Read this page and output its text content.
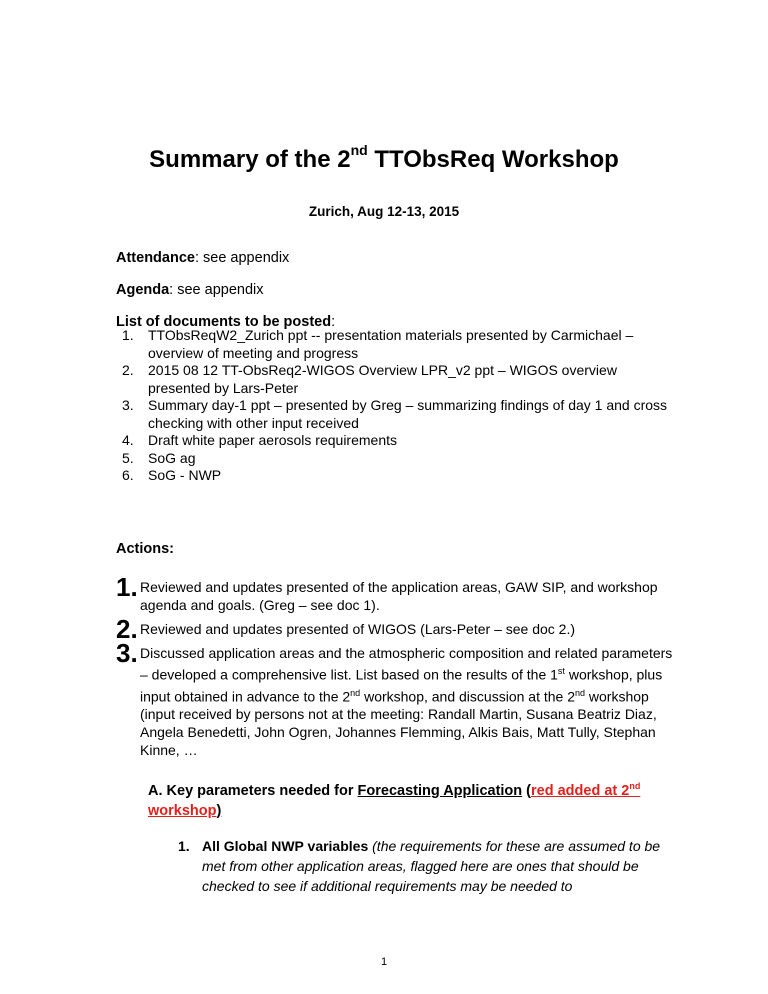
Summary of the 2nd TTObsReq Workshop
Zurich, Aug 12-13, 2015
Attendance: see appendix
Agenda: see appendix
List of documents to be posted:
1. TTObsReqW2_Zurich ppt -- presentation materials presented by Carmichael – overview of meeting and progress
2. 2015 08 12 TT-ObsReq2-WIGOS Overview LPR_v2 ppt – WIGOS overview presented by Lars-Peter
3. Summary day-1 ppt – presented by Greg – summarizing findings of day 1 and cross checking with other input received
4. Draft white paper aerosols requirements
5. SoG ag
6. SoG - NWP
Actions:
1. Reviewed and updates presented of the application areas, GAW SIP, and workshop agenda and goals. (Greg – see doc 1).
2. Reviewed and updates presented of WIGOS (Lars-Peter – see doc 2.)
3. Discussed application areas and the atmospheric composition and related parameters – developed a comprehensive list. List based on the results of the 1st workshop, plus input obtained in advance to the 2nd workshop, and discussion at the 2nd workshop (input received by persons not at the meeting: Randall Martin, Susana Beatriz Diaz, Angela Benedetti, John Ogren, Johannes Flemming, Alkis Bais, Matt Tully, Stephan Kinne, …
A. Key parameters needed for Forecasting Application (red added at 2nd workshop)
1. All Global NWP variables (the requirements for these are assumed to be met from other application areas, flagged here are ones that should be checked to see if additional requirements may be needed to
1
